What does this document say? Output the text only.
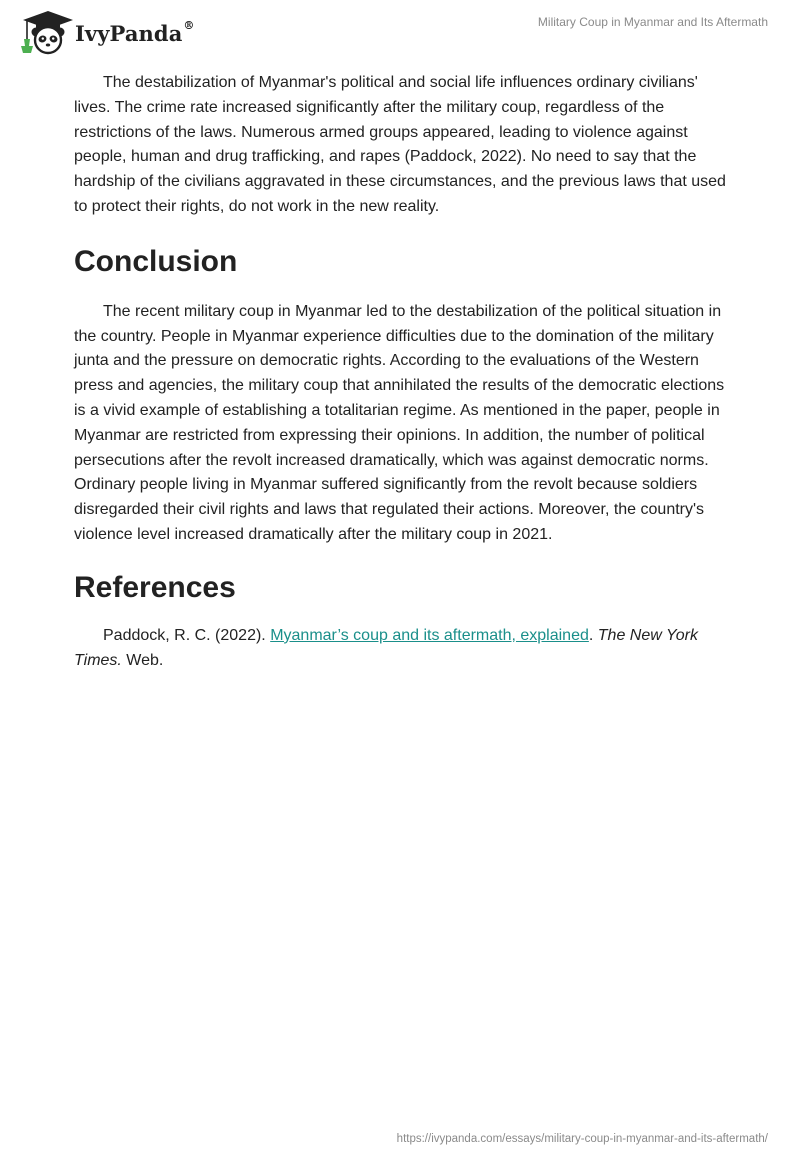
IvyPanda®	Military Coup in Myanmar and Its Aftermath

The destabilization of Myanmar's political and social life influences ordinary civilians' lives. The crime rate increased significantly after the military coup, regardless of the restrictions of the laws. Numerous armed groups appeared, leading to violence against people, human and drug trafficking, and rapes (Paddock, 2022). No need to say that the hardship of the civilians aggravated in these circumstances, and the previous laws that used to protect their rights, do not work in the new reality.

Conclusion

The recent military coup in Myanmar led to the destabilization of the political situation in the country. People in Myanmar experience difficulties due to the domination of the military junta and the pressure on democratic rights. According to the evaluations of the Western press and agencies, the military coup that annihilated the results of the democratic elections is a vivid example of establishing a totalitarian regime. As mentioned in the paper, people in Myanmar are restricted from expressing their opinions. In addition, the number of political persecutions after the revolt increased dramatically, which was against democratic norms. Ordinary people living in Myanmar suffered significantly from the revolt because soldiers disregarded their civil rights and laws that regulated their actions. Moreover, the country's violence level increased dramatically after the military coup in 2021.

References

Paddock, R. C. (2022). Myanmar’s coup and its aftermath, explained. The New York Times. Web.

https://ivypanda.com/essays/military-coup-in-myanmar-and-its-aftermath/
